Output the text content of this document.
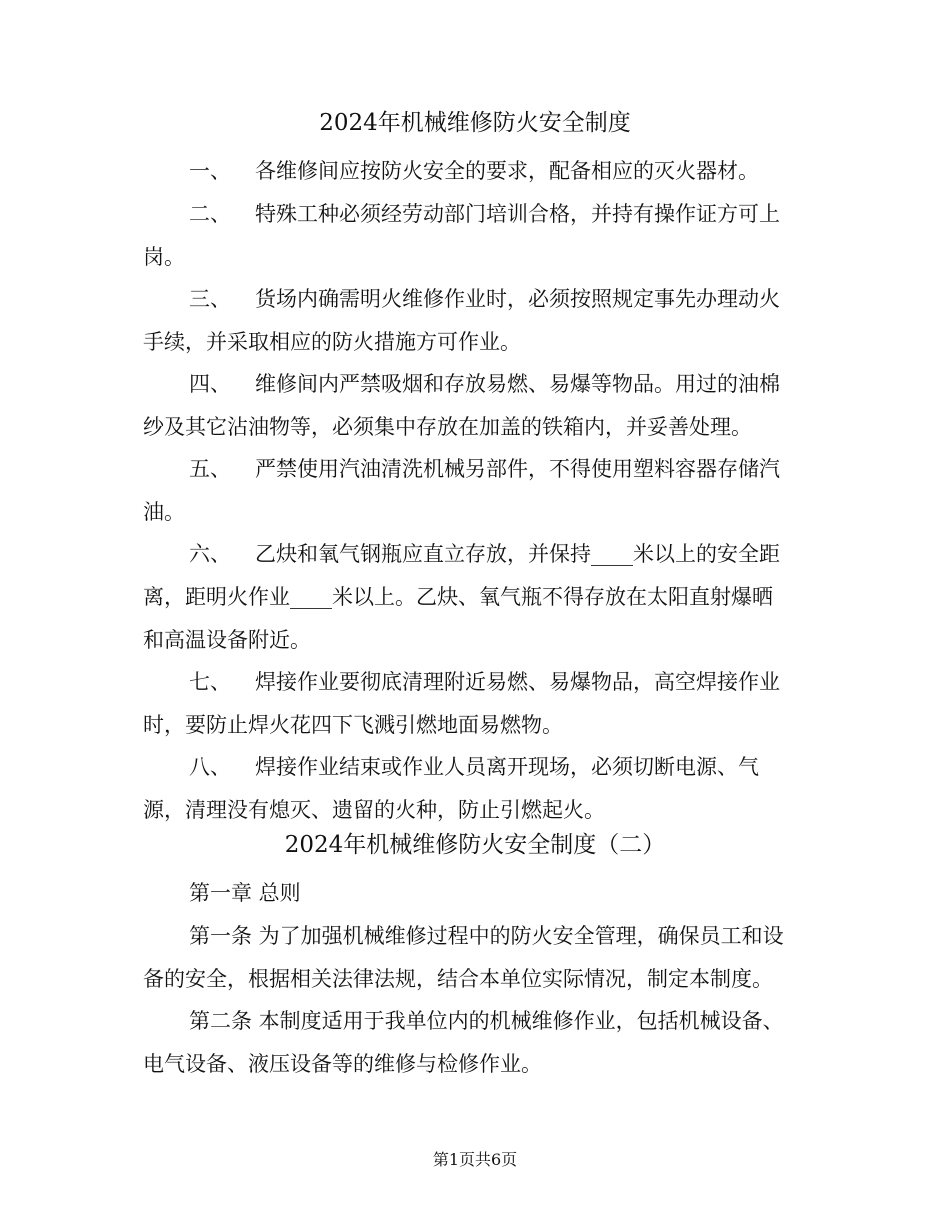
2024年机械维修防火安全制度
一、 各维修间应按防火安全的要求，配备相应的灭火器材。
二、 特殊工种必须经劳动部门培训合格，并持有操作证方可上
岗。
三、 货场内确需明火维修作业时，必须按照规定事先办理动火
手续，并采取相应的防火措施方可作业。
四、 维修间内严禁吸烟和存放易燃、易爆等物品。用过的油棉
纱及其它沾油物等，必须集中存放在加盖的铁箱内，并妥善处理。
五、 严禁使用汽油清洗机械另部件，不得使用塑料容器存储汽
油。
六、 乙炔和氧气钢瓶应直立存放，并保持____米以上的安全距
离，距明火作业____米以上。乙炔、氧气瓶不得存放在太阳直射爆晒
和高温设备附近。
七、 焊接作业要彻底清理附近易燃、易爆物品，高空焊接作业
时，要防止焊火花四下飞溅引燃地面易燃物。
八、 焊接作业结束或作业人员离开现场，必须切断电源、气
源，清理没有熄灭、遗留的火种，防止引燃起火。
2024年机械维修防火安全制度（二）
第一章 总则
第一条 为了加强机械维修过程中的防火安全管理，确保员工和设
备的安全，根据相关法律法规，结合本单位实际情况，制定本制度。
第二条 本制度适用于我单位内的机械维修作业，包括机械设备、
电气设备、液压设备等的维修与检修作业。
第1页共6页
